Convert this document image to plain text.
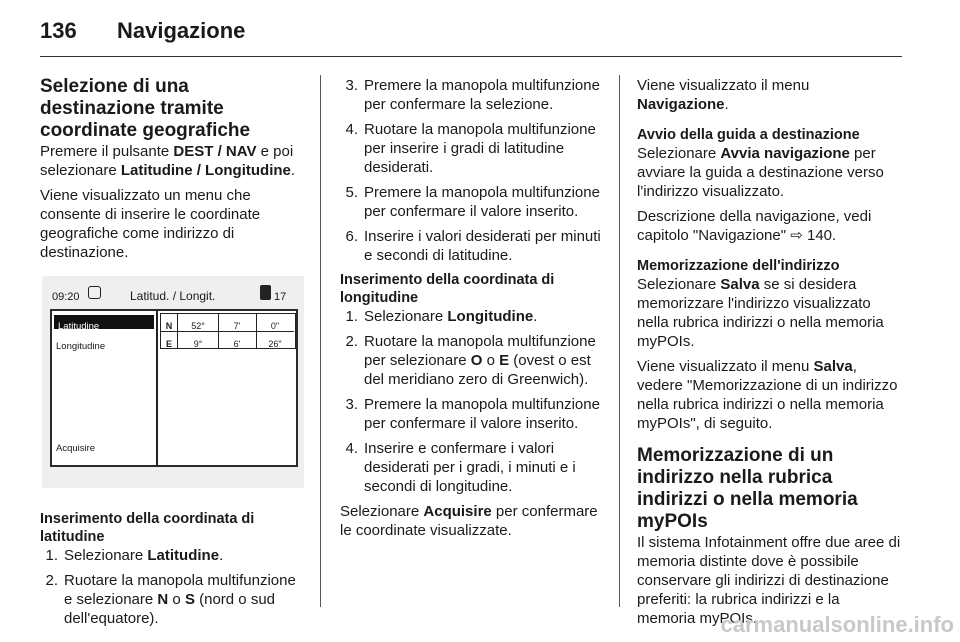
136 Navigazione
Selezione di una destinazione tramite coordinate geografiche

Premere il pulsante DEST / NAV e poi selezionare Latitudine / Longitudine.

Viene visualizzato un menu che consente di inserire le coordinate geografiche come indirizzo di destinazione.

09:20	Latitud. / Longit.	17
Latitudine
Longitudine
Acquisire
N	52°	7'	0"
E	9°	6'	26"
Inserimento della coordinata di latitudine
1. Selezionare Latitudine.
2. Ruotare la manopola multifunzione e selezionare N o S (nord o sud dell'equatore).
3. Premere la manopola multifunzione per confermare la selezione.
4. Ruotare la manopola multifunzione per inserire i gradi di latitudine desiderati.
5. Premere la manopola multifunzione per confermare il valore inserito.
6. Inserire i valori desiderati per minuti e secondi di latitudine.
Inserimento della coordinata di longitudine
1. Selezionare Longitudine.
2. Ruotare la manopola multifunzione per selezionare O o E (ovest o est del meridiano zero di Greenwich).
3. Premere la manopola multifunzione per confermare il valore inserito.
4. Inserire e confermare i valori desiderati per i gradi, i minuti e i secondi di longitudine.

Selezionare Acquisire per confermare le coordinate visualizzate.

Viene visualizzato il menu Navigazione.

Avvio della guida a destinazione

Selezionare Avvia navigazione per avviare la guida a destinazione verso l'indirizzo visualizzato.

Descrizione della navigazione, vedi capitolo "Navigazione" ⇨ 140.

Memorizzazione dell'indirizzo

Selezionare Salva se si desidera memorizzare l'indirizzo visualizzato nella rubrica indirizzi o nella memoria myPOIs.

Viene visualizzato il menu Salva, vedere "Memorizzazione di un indirizzo nella rubrica indirizzi o nella memoria myPOIs", di seguito.

Memorizzazione di un indirizzo nella rubrica indirizzi o nella memoria myPOIs

Il sistema Infotainment offre due aree di memoria distinte dove è possibile conservare gli indirizzi di destinazione preferiti: la rubrica indirizzi e la memoria myPOIs.

carmanualsonline.info
